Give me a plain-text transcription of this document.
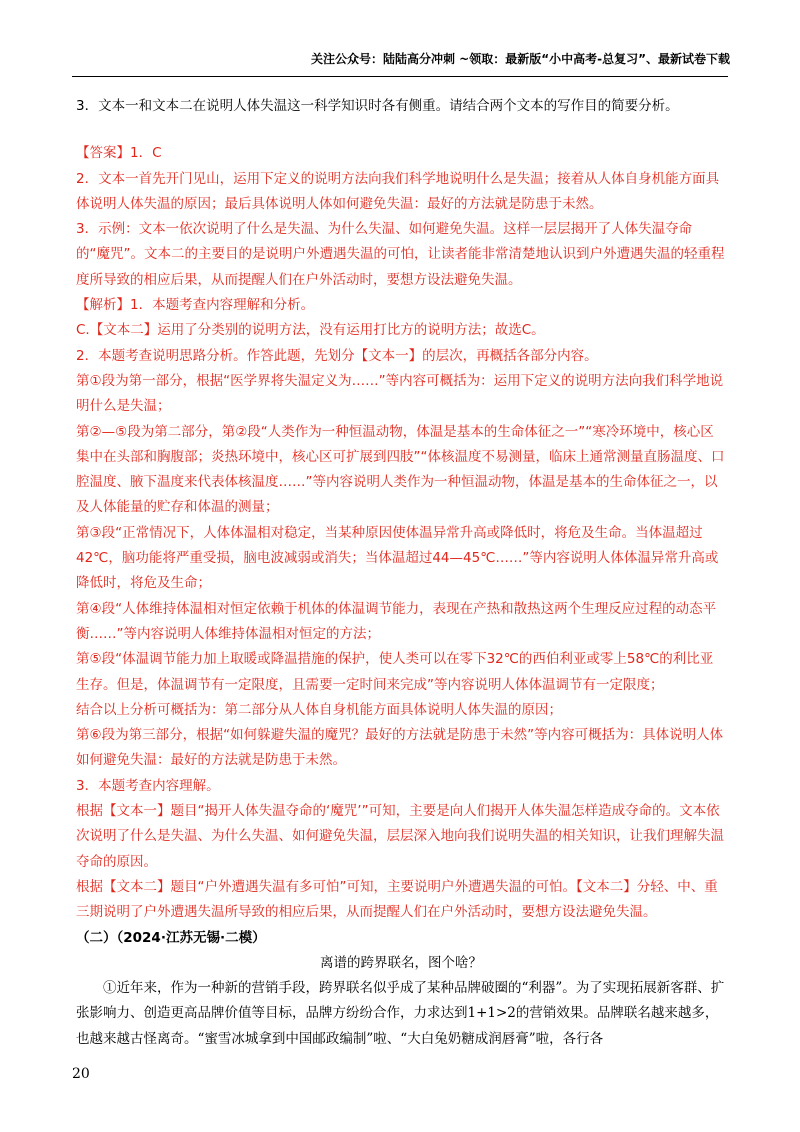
关注公众号：陆陆高分冲刺 ~领取：最新版“小中高考-总复习”、最新试卷下载

3．文本一和文本二在说明人体失温这一科学知识时各有侧重。请结合两个文本的写作目的简要分析。

【答案】1．C

2．文本一首先开门见山，运用下定义的说明方法向我们科学地说明什么是失温；接着从人体自身机能方面具体说明人体失温的原因；最后具体说明人体如何避免失温：最好的方法就是防患于未然。

3．示例：文本一依次说明了什么是失温、为什么失温、如何避免失温。这样一层层揭开了人体失温夺命的“魔咒”。文本二的主要目的是说明户外遭遇失温的可怕，让读者能非常清楚地认识到户外遭遇失温的轻重程度所导致的相应后果，从而提醒人们在户外活动时，要想方设法避免失温。

【解析】1．本题考查内容理解和分析。

C.【文本二】运用了分类别的说明方法，没有运用打比方的说明方法；故选C。

2．本题考查说明思路分析。作答此题，先划分【文本一】的层次，再概括各部分内容。

第①段为第一部分，根据“医学界将失温定义为……”等内容可概括为：运用下定义的说明方法向我们科学地说明什么是失温；

第②—⑤段为第二部分，第②段“人类作为一种恒温动物，体温是基本的生命体征之一”“寒冷环境中，核心区集中在头部和胸腹部；炎热环境中，核心区可扩展到四肢”“体核温度不易测量，临床上通常测量直肠温度、口腔温度、腋下温度来代表体核温度……”等内容说明人类作为一种恒温动物，体温是基本的生命体征之一，以及人体能量的贮存和体温的测量；

第③段“正常情况下，人体体温相对稳定，当某种原因使体温异常升高或降低时，将危及生命。当体温超过42℃，脑功能将严重受损，脑电波减弱或消失；当体温超过44—45℃……”等内容说明人体体温异常升高或降低时，将危及生命；

第④段“人体维持体温相对恒定依赖于机体的体温调节能力，表现在产热和散热这两个生理反应过程的动态平衡……”等内容说明人体维持体温相对恒定的方法；

第⑤段“体温调节能力加上取暖或降温措施的保护，使人类可以在零下32℃的西伯利亚或零上58℃的利比亚生存。但是，体温调节有一定限度，且需要一定时间来完成”等内容说明人体体温调节有一定限度；

结合以上分析可概括为：第二部分从人体自身机能方面具体说明人体失温的原因；

第⑥段为第三部分，根据“如何躲避失温的魔咒？最好的方法就是防患于未然”等内容可概括为：具体说明人体如何避免失温：最好的方法就是防患于未然。

3．本题考查内容理解。

根据【文本一】题目“揭开人体失温夺命的‘魔咒’”可知，主要是向人们揭开人体失温怎样造成夺命的。文本依次说明了什么是失温、为什么失温、如何避免失温，层层深入地向我们说明失温的相关知识，让我们理解失温夺命的原因。

根据【文本二】题目“户外遭遇失温有多可怕”可知，主要说明户外遭遇失温的可怕。【文本二】分轻、中、重三期说明了户外遭遇失温所导致的相应后果，从而提醒人们在户外活动时，要想方设法避免失温。

（二）（2024·江苏无锡·二模）

离谱的跨界联名，图个啥？

①近年来，作为一种新的营销手段，跨界联名似乎成了某种品牌破圈的“利器”。为了实现拓展新客群、扩张影响力、创造更高品牌价值等目标，品牌方纷纷合作，力求达到1+1>2的营销效果。品牌联名越来越多，也越来越古怪离奇。“蜜雪冰城拿到中国邮政编制”啦、“大白兔奶糖成润唇膏”啦，各行各

20
